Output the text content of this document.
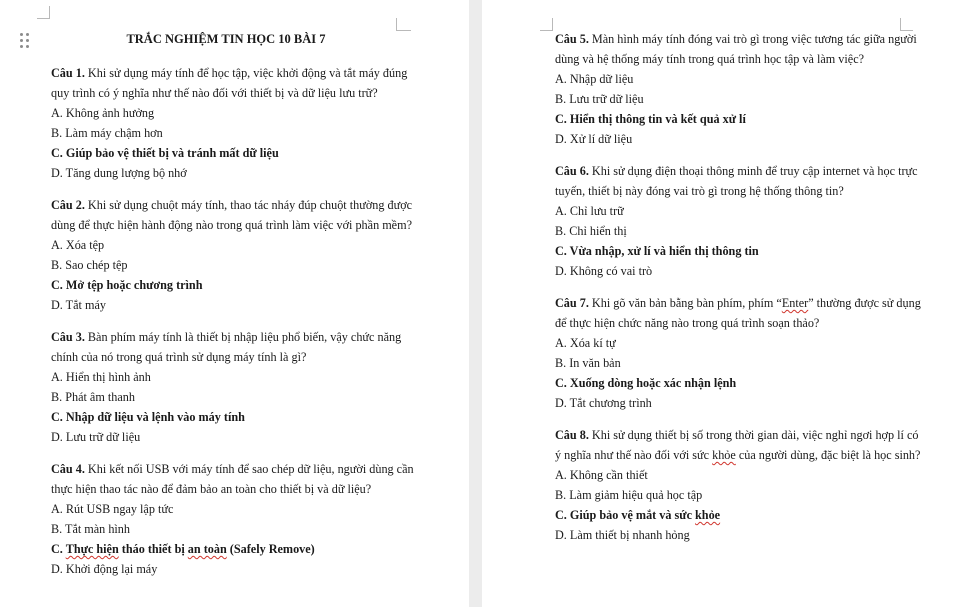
TRẮC NGHIỆM TIN HỌC 10 BÀI 7
Câu 1. Khi sử dụng máy tính để học tập, việc khởi động và tắt máy đúng quy trình có ý nghĩa như thế nào đối với thiết bị và dữ liệu lưu trữ?
A. Không ảnh hưởng
B. Làm máy chậm hơn
C. Giúp bảo vệ thiết bị và tránh mất dữ liệu
D. Tăng dung lượng bộ nhớ
Câu 2. Khi sử dụng chuột máy tính, thao tác nháy đúp chuột thường được dùng để thực hiện hành động nào trong quá trình làm việc với phần mềm?
A. Xóa tệp
B. Sao chép tệp
C. Mở tệp hoặc chương trình
D. Tắt máy
Câu 3. Bàn phím máy tính là thiết bị nhập liệu phổ biến, vậy chức năng chính của nó trong quá trình sử dụng máy tính là gì?
A. Hiển thị hình ảnh
B. Phát âm thanh
C. Nhập dữ liệu và lệnh vào máy tính
D. Lưu trữ dữ liệu
Câu 4. Khi kết nối USB với máy tính để sao chép dữ liệu, người dùng cần thực hiện thao tác nào để đảm bảo an toàn cho thiết bị và dữ liệu?
A. Rút USB ngay lập tức
B. Tắt màn hình
C. Thực hiện tháo thiết bị an toàn (Safely Remove)
D. Khởi động lại máy
Câu 5. Màn hình máy tính đóng vai trò gì trong việc tương tác giữa người dùng và hệ thống máy tính trong quá trình học tập và làm việc?
A. Nhập dữ liệu
B. Lưu trữ dữ liệu
C. Hiển thị thông tin và kết quả xử lí
D. Xử lí dữ liệu
Câu 6. Khi sử dụng điện thoại thông minh để truy cập internet và học trực tuyến, thiết bị này đóng vai trò gì trong hệ thống thông tin?
A. Chỉ lưu trữ
B. Chỉ hiển thị
C. Vừa nhập, xử lí và hiển thị thông tin
D. Không có vai trò
Câu 7. Khi gõ văn bản bằng bàn phím, phím “Enter” thường được sử dụng để thực hiện chức năng nào trong quá trình soạn thảo?
A. Xóa kí tự
B. In văn bản
C. Xuống dòng hoặc xác nhận lệnh
D. Tắt chương trình
Câu 8. Khi sử dụng thiết bị số trong thời gian dài, việc nghỉ ngơi hợp lí có ý nghĩa như thế nào đối với sức khỏe của người dùng, đặc biệt là học sinh?
A. Không cần thiết
B. Làm giảm hiệu quả học tập
C. Giúp bảo vệ mắt và sức khỏe
D. Làm thiết bị nhanh hỏng
